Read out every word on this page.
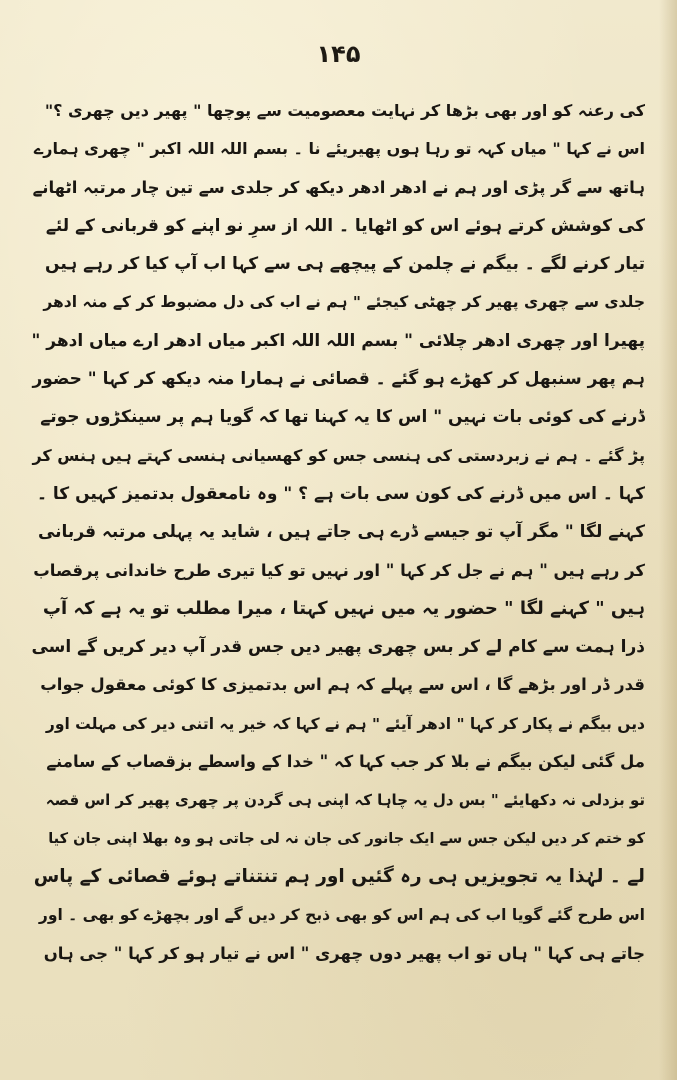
۱۴۵
کی رعنہ کو اور بھی بڑھا کر نہایت معصومیت سے پوچھا " پھیر دیں چھری ؟"
اس نے کہا " میاں کہہ تو رہا ہوں پھیریئے نا ۔ بسم اللہ اللہ اکبر " چھری ہمارے
ہاتھ سے گر پڑی اور ہم نے ادھر ادھر دیکھ کر جلدی سے تین چار مرتبہ اٹھانے
کی کوشش کرتے ہوئے اس کو اٹھایا ۔ اللہ از سرِ نو اپنے کو قربانی کے لئے
تیار کرنے لگے ۔ بیگم نے چلمن کے پیچھے ہی سے کہا اب آپ کیا کر رہے ہیں
جلدی سے چھری پھیر کر چھٹی کیجئے " ہم نے اب کی دل مضبوط کر کے منہ ادھر
پھیرا اور چھری ادھر چلائی " بسم اللہ اللہ اکبر میاں ادھر ارے میاں ادھر "
ہم پھر سنبھل کر کھڑے ہو گئے ۔ قصائی نے ہمارا منہ دیکھ کر کہا " حضور
ڈرنے کی کوئی بات نہیں " اس کا یہ کہنا تھا کہ گویا ہم پر سینکڑوں جوتے
پڑ گئے ۔ ہم نے زبردستی کی ہنسی جس کو کھسیانی ہنسی کہتے ہیں ہنس کر
کہا ۔ اس میں ڈرنے کی کون سی بات ہے ؟ " وہ نامعقول بدتمیز کہیں کا ۔
کہنے لگا " مگر آپ تو جیسے ڈرے ہی جاتے ہیں ، شاید یہ پہلی مرتبہ قربانی
کر رہے ہیں " ہم نے جل کر کہا " اور نہیں تو کیا تیری طرح خاندانی پرقصاب
ہیں " کہنے لگا " حضور یہ میں نہیں کہتا ، میرا مطلب تو یہ ہے کہ آپ
ذرا ہمت سے کام لے کر بس چھری پھیر دیں جس قدر آپ دیر کریں گے اسی
قدر ڈر اور بڑھے گا ، اس سے پہلے کہ ہم اس بدتمیزی کا کوئی معقول جواب
دیں بیگم نے پکار کر کہا " ادھر آیئے " ہم نے کہا کہ خیر یہ اتنی دیر کی مہلت اور
مل گئی لیکن بیگم نے بلا کر جب کہا کہ " خدا کے واسطے بزقصاب کے سامنے
تو بزدلی نہ دکھایئے " بس دل یہ چاہا کہ اپنی ہی گردن پر چھری پھیر کر اس قصہ
کو ختم کر دیں لیکن جس سے ایک جانور کی جان نہ لی جاتی ہو وہ بھلا اپنی جان کیا
لے ۔ لہٰذا یہ تجویزیں ہی رہ گئیں اور ہم تنتناتے ہوئے قصائی کے پاس
اس طرح گئے گویا اب کی ہم اس کو بھی ذبح کر دیں گے اور بچھڑے کو بھی ۔ اور
جاتے ہی کہا " ہاں تو اب پھیر دوں چھری " اس نے تیار ہو کر کہا " جی ہاں
